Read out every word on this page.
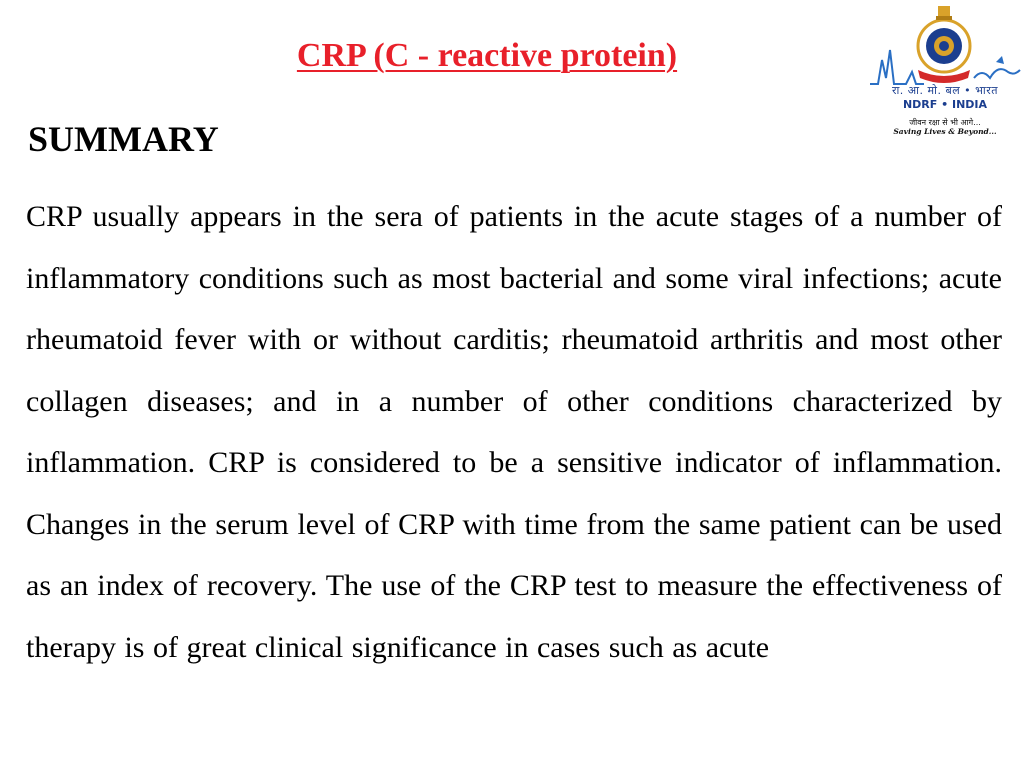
CRP (C - reactive protein)
SUMMARY

CRP usually appears in the sera of patients in the acute stages of a number of inflammatory conditions such as most bacterial and some viral infections; acute rheumatoid fever with or without carditis; rheumatoid arthritis and most other collagen diseases; and in a number of other conditions characterized by inflammation. CRP is considered to be a sensitive indicator of inflammation. Changes in the serum level of CRP with time from the same patient can be used as an index of recovery. The use of the CRP test to measure the effectiveness of therapy is of great clinical significance in cases such as acute

रा. आ. मो. बल • भारत
NDRF • INDIA
जीवन रक्षा से भी आगे...
Saving Lives & Beyond...
